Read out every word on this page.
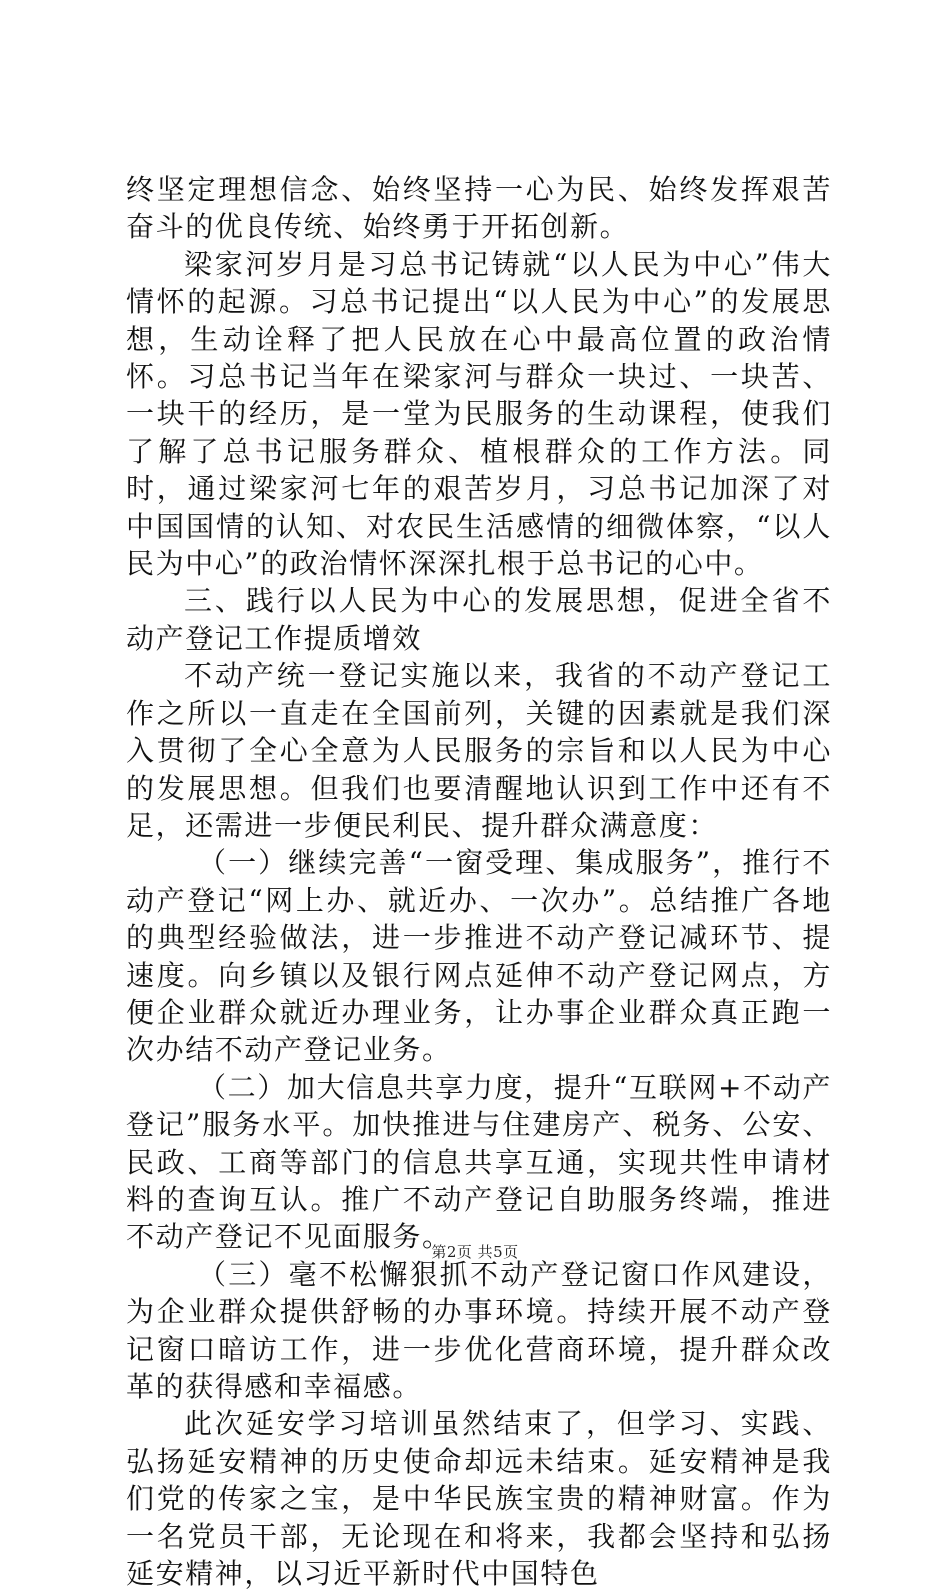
终坚定理想信念、始终坚持一心为民、始终发挥艰苦奋斗的优良传统、始终勇于开拓创新。

梁家河岁月是习总书记铸就“以人民为中心”伟大情怀的起源。习总书记提出“以人民为中心”的发展思想，生动诠释了把人民放在心中最高位置的政治情怀。习总书记当年在梁家河与群众一块过、一块苦、一块干的经历，是一堂为民服务的生动课程，使我们了解了总书记服务群众、植根群众的工作方法。同时，通过梁家河七年的艰苦岁月，习总书记加深了对中国国情的认知、对农民生活感情的细微体察，“以人民为中心”的政治情怀深深扎根于总书记的心中。

三、践行以人民为中心的发展思想，促进全省不动产登记工作提质增效

不动产统一登记实施以来，我省的不动产登记工作之所以一直走在全国前列，关键的因素就是我们深入贯彻了全心全意为人民服务的宗旨和以人民为中心的发展思想。但我们也要清醒地认识到工作中还有不足，还需进一步便民利民、提升群众满意度：

（一）继续完善“一窗受理、集成服务”，推行不动产登记“网上办、就近办、一次办”。总结推广各地的典型经验做法，进一步推进不动产登记减环节、提速度。向乡镇以及银行网点延伸不动产登记网点，方便企业群众就近办理业务，让办事企业群众真正跑一次办结不动产登记业务。

（二）加大信息共享力度，提升“互联网+不动产登记”服务水平。加快推进与住建房产、税务、公安、民政、工商等部门的信息共享互通，实现共性申请材料的查询互认。推广不动产登记自助服务终端，推进不动产登记不见面服务。

（三）毫不松懈狠抓不动产登记窗口作风建设，为企业群众提供舒畅的办事环境。持续开展不动产登记窗口暗访工作，进一步优化营商环境，提升群众改革的获得感和幸福感。

此次延安学习培训虽然结束了，但学习、实践、弘扬延安精神的历史使命却远未结束。延安精神是我们党的传家之宝，是中华民族宝贵的精神财富。作为一名党员干部，无论现在和将来，我都会坚持和弘扬延安精神，以习近平新时代中国特色

第2页 共5页
